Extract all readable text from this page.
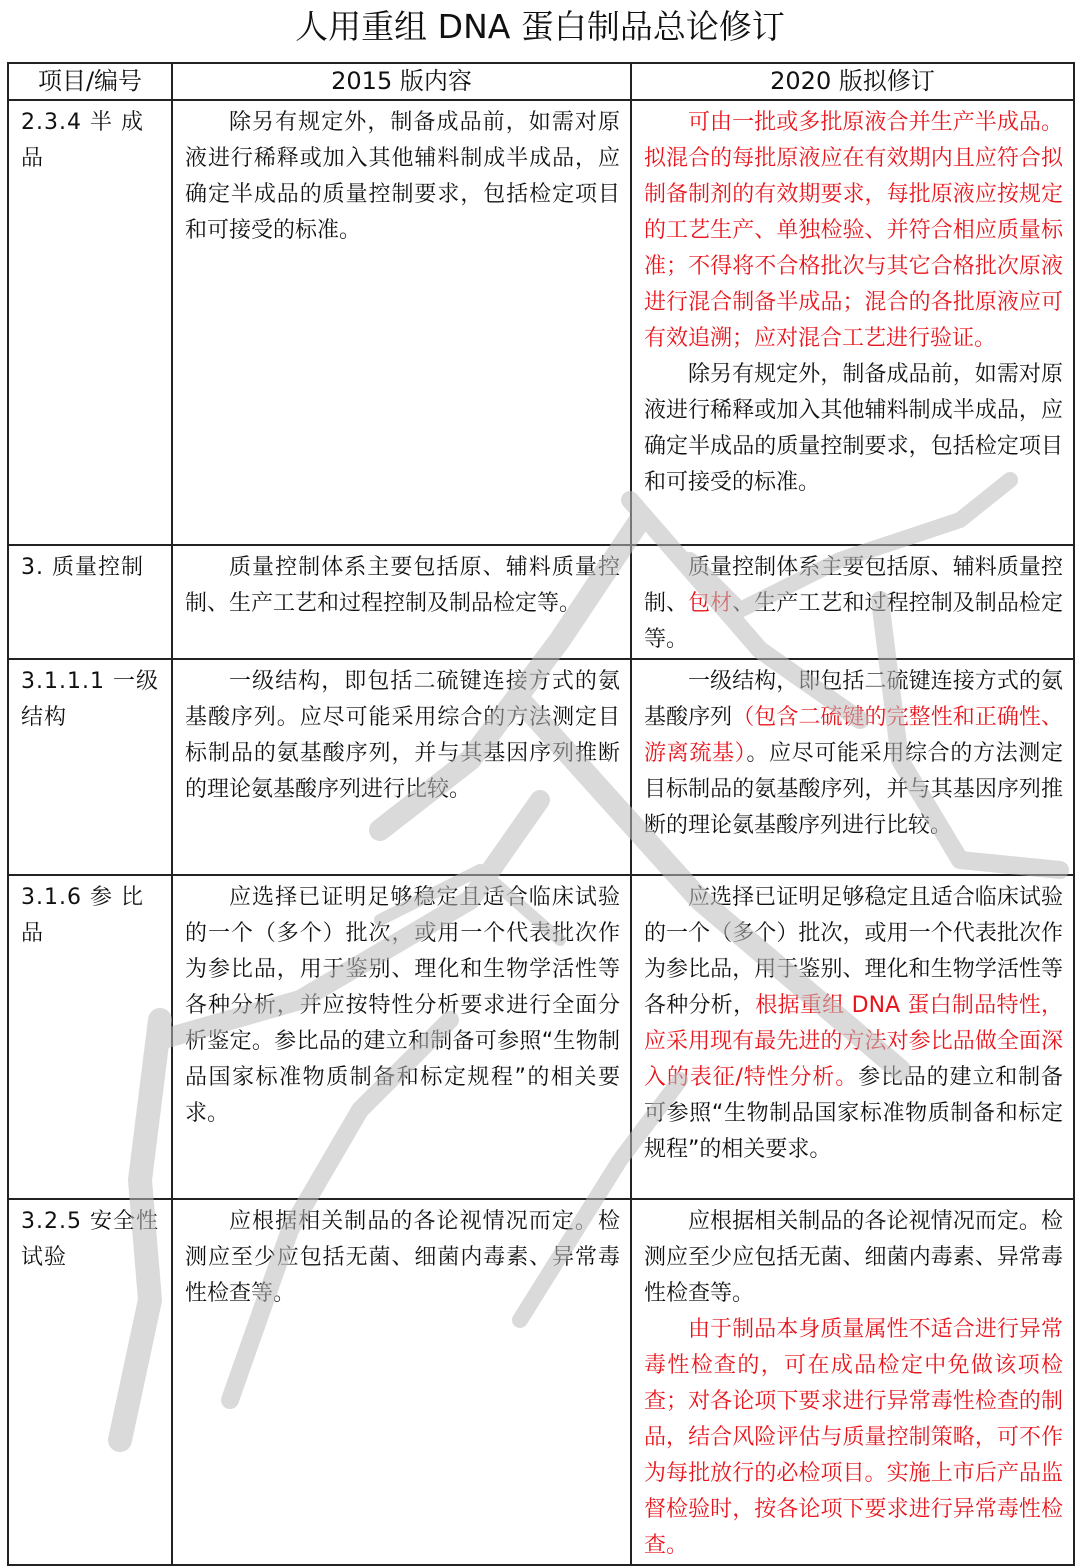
人用重组 DNA 蛋白制品总论修订
项目/编号	2015 版内容	2020 版拟修订

2.3.4 半 成品	除另有规定外，制备成品前，如需对原液进行稀释或加入其他辅料制成半成品，应确定半成品的质量控制要求，包括检定项目和可接受的标准。	可由一批或多批原液合并生产半成品。拟混合的每批原液应在有效期内且应符合拟制备制剂的有效期要求，每批原液应按规定的工艺生产、单独检验、并符合相应质量标准；不得将不合格批次与其它合格批次原液进行混合制备半成品；混合的各批原液应可有效追溯；应对混合工艺进行验证。

除另有规定外，制备成品前，如需对原液进行稀释或加入其他辅料制成半成品，应确定半成品的质量控制要求，包括检定项目和可接受的标准。

3. 质量控制	质量控制体系主要包括原、辅料质量控制、生产工艺和过程控制及制品检定等。	质量控制体系主要包括原、辅料质量控制、包材、生产工艺和过程控制及制品检定等。

3.1.1.1 一级结构	一级结构，即包括二硫键连接方式的氨基酸序列。应尽可能采用综合的方法测定目标制品的氨基酸序列，并与其基因序列推断的理论氨基酸序列进行比较。	一级结构，即包括二硫键连接方式的氨基酸序列（包含二硫键的完整性和正确性、游离巯基）。应尽可能采用综合的方法测定目标制品的氨基酸序列，并与其基因序列推断的理论氨基酸序列进行比较。

3.1.6 参 比品	应选择已证明足够稳定且适合临床试验的一个（多个）批次，或用一个代表批次作为参比品，用于鉴别、理化和生物学活性等各种分析，并应按特性分析要求进行全面分析鉴定。参比品的建立和制备可参照“生物制品国家标准物质制备和标定规程”的相关要求。	应选择已证明足够稳定且适合临床试验的一个（多个）批次，或用一个代表批次作为参比品，用于鉴别、理化和生物学活性等各种分析，根据重组 DNA 蛋白制品特性，应采用现有最先进的方法对参比品做全面深入的表征/特性分析。参比品的建立和制备可参照“生物制品国家标准物质制备和标定规程”的相关要求。

3.2.5 安全性试验	应根据相关制品的各论视情况而定。检测应至少应包括无菌、细菌内毒素、异常毒性检查等。	应根据相关制品的各论视情况而定。检测应至少应包括无菌、细菌内毒素、异常毒性检查等。

由于制品本身质量属性不适合进行异常毒性检查的，可在成品检定中免做该项检查；对各论项下要求进行异常毒性检查的制品，结合风险评估与质量控制策略，可不作为每批放行的必检项目。实施上市后产品监督检验时，按各论项下要求进行异常毒性检查。
